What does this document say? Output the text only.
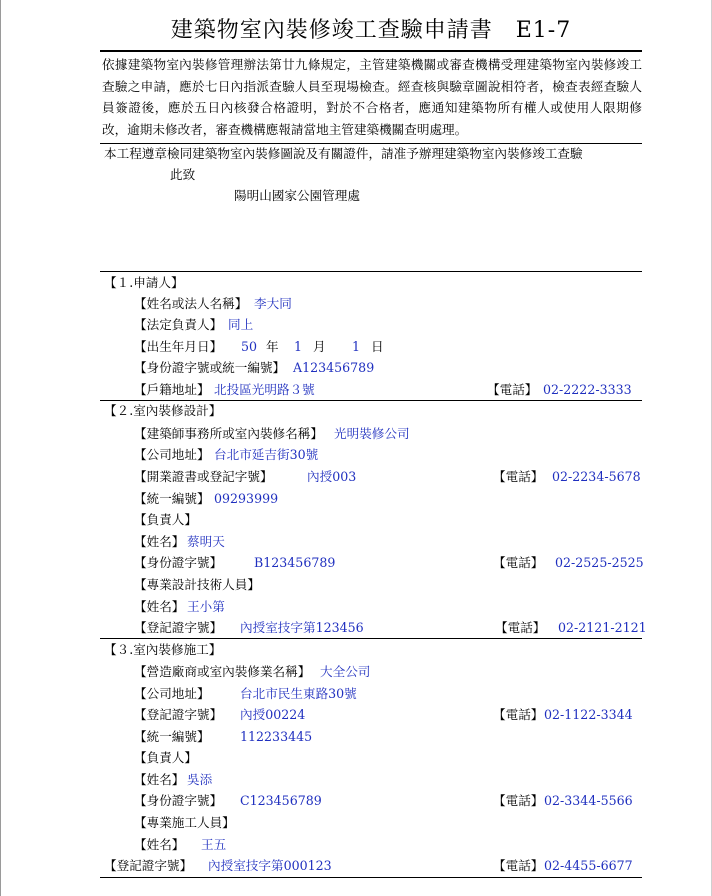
建築物室內裝修竣工查驗申請書　E1-7
依據建築物室內裝修管理辦法第廿九條規定，主管建築機關或審查機構受理建築物室內裝修竣工查驗之申請，應於七日內指派查驗人員至現場檢查。經查核與驗章圖說相符者，檢查表經查驗人員簽證後，應於五日內核發合格證明，對於不合格者，應通知建築物所有權人或使用人限期修改，逾期未修改者，審查機構應報請當地主管建築機關查明處理。
本工程遵章檢同建築物室內裝修圖說及有關證件，請准予辦理建築物室內裝修竣工查驗
此致
陽明山國家公園管理處
【１.申請人】
【姓名或法人名稱】 李大同
【法定負責人】 同上
【出生年月日】 50 年 1 月 1 日
【身份證字號或統一編號】 A123456789
【戶籍地址】 北投區光明路３號	【電話】 02-2222-3333
【２.室內裝修設計】
【建築師事務所或室內裝修名稱】 光明裝修公司
【公司地址】 台北市延吉街30號
【開業證書或登記字號】	內授003	【電話】 02-2234-5678
【統一編號】 09293999
【負責人】
【姓名】 蔡明天
【身份證字號】	B123456789	【電話】 02-2525-2525
【專業設計技術人員】
【姓名】 王小第
【登記證字號】 內授室技字第123456	【電話】 02-2121-2121
【３.室內裝修施工】
【營造廠商或室內裝修業名稱】 大全公司
【公司地址】 台北市民生東路30號
【登記證字號】 內授00224	【電話】 02-1122-3344
【統一編號】 112233445
【負責人】
【姓名】 吳添
【身份證字號】 C123456789	【電話】 02-3344-5566
【專業施工人員】
【姓名】 王五
【登記證字號】 內授室技字第000123	【電話】 02-4455-6677
